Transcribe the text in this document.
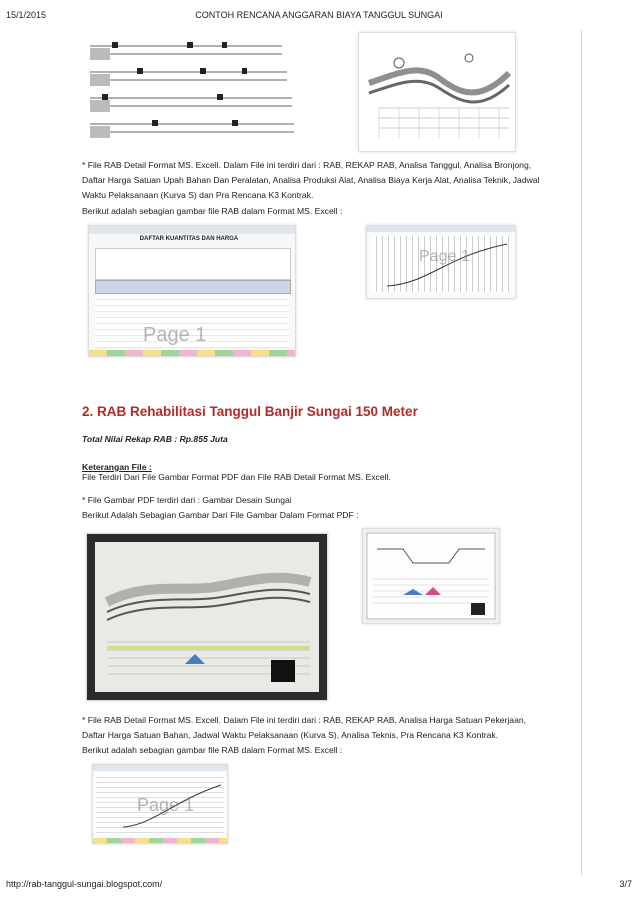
15/1/2015	CONTOH RENCANA ANGGARAN BIAYA TANGGUL SUNGAI

* File RAB Detail Format MS. Excell. Dalam File ini terdiri dari : RAB, REKAP RAB, Analisa Tanggul, Analisa Bronjong,

Daftar Harga Satuan Upah Bahan Dan Peralatan, Analisa Produksi Alat, Analisa Biaya Kerja Alat, Analisa Teknik, Jadwal

Waktu Pelaksanaan (Kurva S) dan Pra Rencana K3 Kontrak.

Berikut adalah sebagian gambar file RAB dalam Format MS. Excell :

DAFTAR KUANTITAS DAN HARGA
Page 1
Page 1
2. RAB Rehabilitasi Tanggul Banjir Sungai 150 Meter
Total Nilai Rekap RAB : Rp.855 Juta
Keterangan File :

File Terdiri Dari File Gambar Format PDF dan File RAB Detail Format MS. Excell.

* File Gambar PDF terdiri dari : Gambar Desain Sungai

Berikut Adalah Sebagian Gambar Dari File Gambar Dalam Format PDF :

* File RAB Detail Format MS. Excell. Dalam File ini terdiri dari : RAB, REKAP RAB, Analisa Harga Satuan Pekerjaan,

Daftar Harga Satuan Bahan, Jadwal Waktu Pelaksanaan (Kurva S), Analisa Teknis, Pra Rencana K3 Kontrak.

Berikut adalah sebagian gambar file RAB dalam Format MS. Excell :

Page 1
http://rab-tanggul-sungai.blogspot.com/	3/7
